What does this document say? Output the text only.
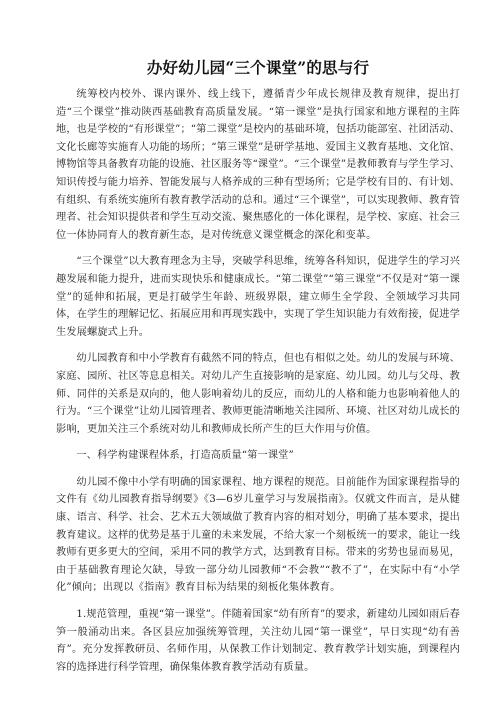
办好幼儿园“三个课堂”的思与行

统筹校内校外、课内课外、线上线下，遵循青少年成长规律及教育规律，提出打造“三个课堂”推动陕西基础教育高质量发展。“第一课堂”是执行国家和地方课程的主阵地，也是学校的“有形课堂”；“第二课堂”是校内的基础环境，包括功能部室、社团活动、文化长廊等实施育人功能的场所；“第三课堂”是研学基地、爱国主义教育基地、文化馆、博物馆等具备教育功能的设施、社区服务等“课堂”。“三个课堂”是教师教育与学生学习、知识传授与能力培养、智能发展与人格养成的三种有型场所；它是学校有目的、有计划、有组织、有系统实施所有教育教学活动的总和。通过“三个课堂”，可以实现教师、教育管理者、社会知识提供者和学生互动交流、聚焦感化的一体化课程，是学校、家庭、社会三位一体协同育人的教育新生态，是对传统意义课堂概念的深化和变革。

“三个课堂”以大教育理念为主导，突破学科思维，统筹各科知识，促进学生的学习兴趣发展和能力提升，进而实现快乐和健康成长。“第二课堂”“第三课堂”不仅是对“第一课堂”的延伸和拓展，更是打破学生年龄、班级界限，建立师生全学段、全领域学习共同体，在学生的理解记忆、拓展应用和再现实践中，实现了学生知识能力有效衔接，促进学生发展螺旋式上升。

幼儿园教育和中小学教育有截然不同的特点，但也有相似之处。幼儿的发展与环境、家庭、园所、社区等息息相关。对幼儿产生直接影响的是家庭、幼儿园。幼儿与父母、教师、同伴的关系是双向的，他人影响着幼儿的反应，而幼儿的人格和能力也影响着他人的行为。“三个课堂”让幼儿园管理者、教师更能清晰地关注园所、环境、社区对幼儿成长的影响，更加关注三个系统对幼儿和教师成长所产生的巨大作用与价值。

一、科学构建课程体系，打造高质量“第一课堂”

幼儿园不像中小学有明确的国家课程、地方课程的规范。目前能作为国家课程指导的文件有《幼儿园教育指导纲要》《3—6岁儿童学习与发展指南》。仅就文件而言，是从健康、语言、科学、社会、艺术五大领域做了教育内容的相对划分，明确了基本要求，提出教育建议。这样的优势是基于儿童的未来发展，不给大家一个刻板统一的要求，能让一线教师有更多更大的空间，采用不同的教学方式，达到教育目标。带来的劣势也显而易见，由于基础教育理论欠缺，导致一部分幼儿园教师“不会教”“教不了”，在实际中有“小学化”倾向；出现以《指南》教育目标为结果的刻板化集体教育。

1.规范管理，重视“第一课堂”。伴随着国家“幼有所育”的要求，新建幼儿园如雨后春笋一般涌动出来。各区县应加强统筹管理，关注幼儿园“第一课堂”，早日实现“幼有善育”。充分发挥教研员、名师作用，从保教工作计划制定、教育教学计划实施，到课程内容的选择进行科学管理，确保集体教育教学活动有质量。
